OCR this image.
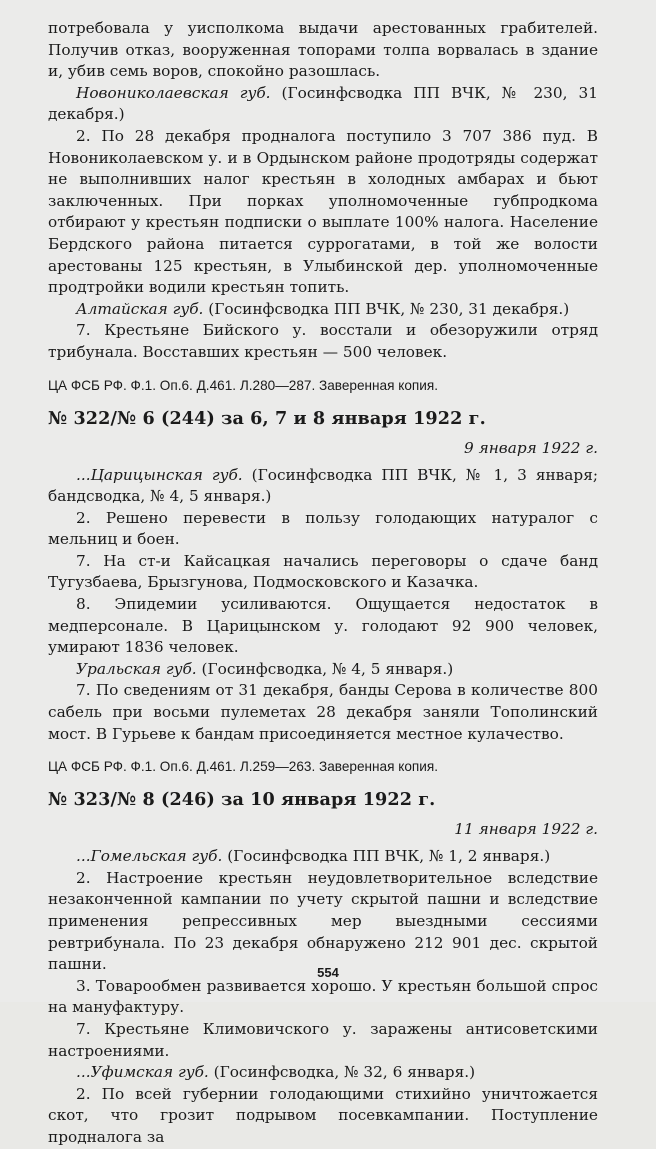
потребовала у уисполкома выдачи арестованных грабителей. Получив отказ, вооруженная топорами толпа ворвалась в здание и, убив семь воров, спокойно разошлась.

Новониколаевская губ. (Госинфсводка ПП ВЧК, № 230, 31 декабря.)

2. По 28 декабря продналога поступило 3 707 386 пуд. В Новониколаевском у. и в Ордынском районе продотряды содержат не выполнивших налог крестьян в холодных амбарах и бьют заключенных. При порках уполномоченные губпродкома отбирают у крестьян подписки о выплате 100% налога. Население Бердского района питается суррогатами, в той же волости арестованы 125 крестьян, в Улыбинской дер. уполномоченные продтройки водили крестьян топить.

Алтайская губ. (Госинфсводка ПП ВЧК, № 230, 31 декабря.)

7. Крестьяне Бийского у. восстали и обезоружили отряд трибунала. Восставших крестьян — 500 человек.

ЦА ФСБ РФ. Ф.1. Оп.6. Д.461. Л.280—287. Заверенная копия.

№ 322/№ 6 (244) за 6, 7 и 8 января 1922 г.
9 января 1922 г.

...Царицынская губ. (Госинфсводка ПП ВЧК, № 1, 3 января; бандсводка, № 4, 5 января.)

2. Решено перевести в пользу голодающих натуралог с мельниц и боен.

7. На ст-и Кайсацкая начались переговоры о сдаче банд Тугузбаева, Брызгунова, Подмосковского и Казачка.

8. Эпидемии усиливаются. Ощущается недостаток в медперсонале. В Царицынском у. голодают 92 900 человек, умирают 1836 человек.

Уральская губ. (Госинфсводка, № 4, 5 января.)

7. По сведениям от 31 декабря, банды Серова в количестве 800 сабель при восьми пулеметах 28 декабря заняли Тополинский мост. В Гурьеве к бандам присоединяется местное кулачество.

ЦА ФСБ РФ. Ф.1. Оп.6. Д.461. Л.259—263. Заверенная копия.

№ 323/№ 8 (246) за 10 января 1922 г.
11 января 1922 г.

...Гомельская губ. (Госинфсводка ПП ВЧК, № 1, 2 января.)

2. Настроение крестьян неудовлетворительное вследствие незаконченной кампании по учету скрытой пашни и вследствие применения репрессивных мер выездными сессиями ревтрибунала. По 23 декабря обнаружено 212 901 дес. скрытой пашни.

3. Товарообмен развивается хорошо. У крестьян большой спрос на мануфактуру.

7. Крестьяне Климовичского у. заражены антисоветскими настроениями.

...Уфимская губ. (Госинфсводка, № 32, 6 января.)

2. По всей губернии голодающими стихийно уничтожается скот, что грозит подрывом посевкампании. Поступление продналога за

554
